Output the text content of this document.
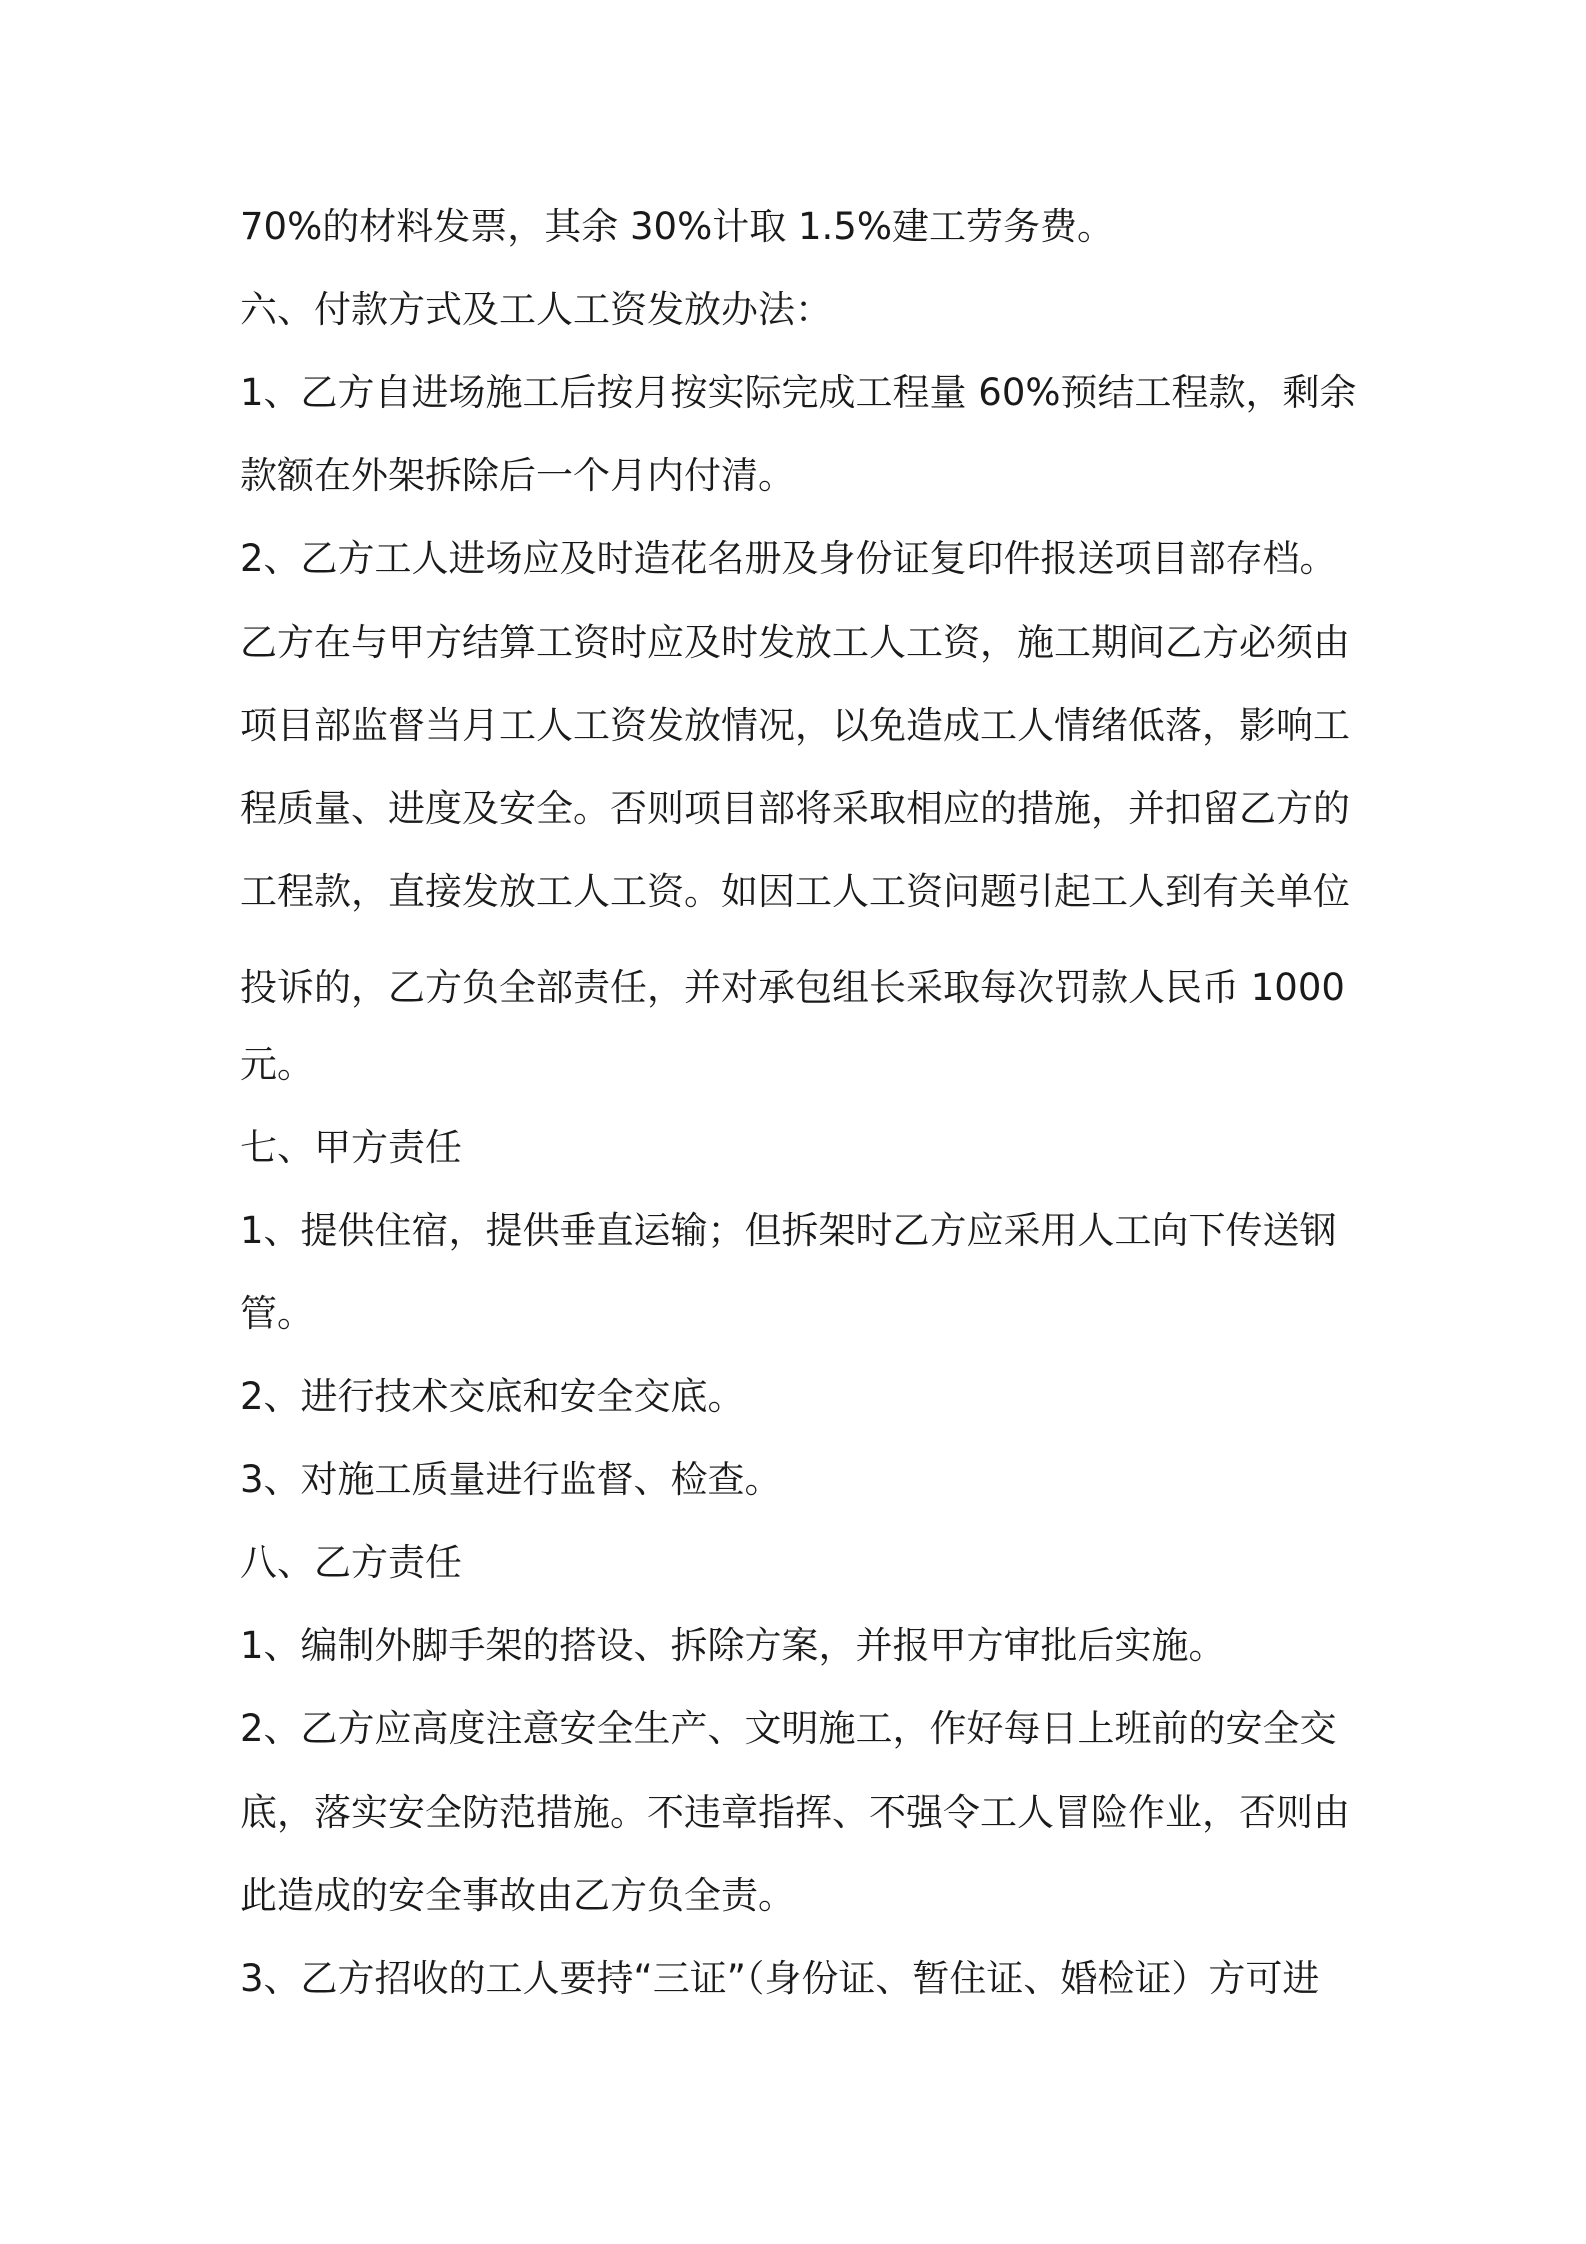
70%的材料发票，其余 30%计取 1.5%建工劳务费。
六、付款方式及工人工资发放办法：
1、乙方自进场施工后按月按实际完成工程量 60%预结工程款，剩余
款额在外架拆除后一个月内付清。
2、乙方工人进场应及时造花名册及身份证复印件报送项目部存档。
乙方在与甲方结算工资时应及时发放工人工资，施工期间乙方必须由
项目部监督当月工人工资发放情况，以免造成工人情绪低落，影响工
程质量、进度及安全。否则项目部将采取相应的措施，并扣留乙方的
工程款，直接发放工人工资。如因工人工资问题引起工人到有关单位
投诉的，乙方负全部责任，并对承包组长采取每次罚款人民币 1000
元。
七、甲方责任
1、提供住宿，提供垂直运输；但拆架时乙方应采用人工向下传送钢
管。
2、进行技术交底和安全交底。
3、对施工质量进行监督、检查。
八、乙方责任
1、编制外脚手架的搭设、拆除方案，并报甲方审批后实施。
2、乙方应高度注意安全生产、文明施工，作好每日上班前的安全交
底，落实安全防范措施。不违章指挥、不强令工人冒险作业，否则由
此造成的安全事故由乙方负全责。
3、乙方招收的工人要持“三证”（身份证、暂住证、婚检证）方可进
